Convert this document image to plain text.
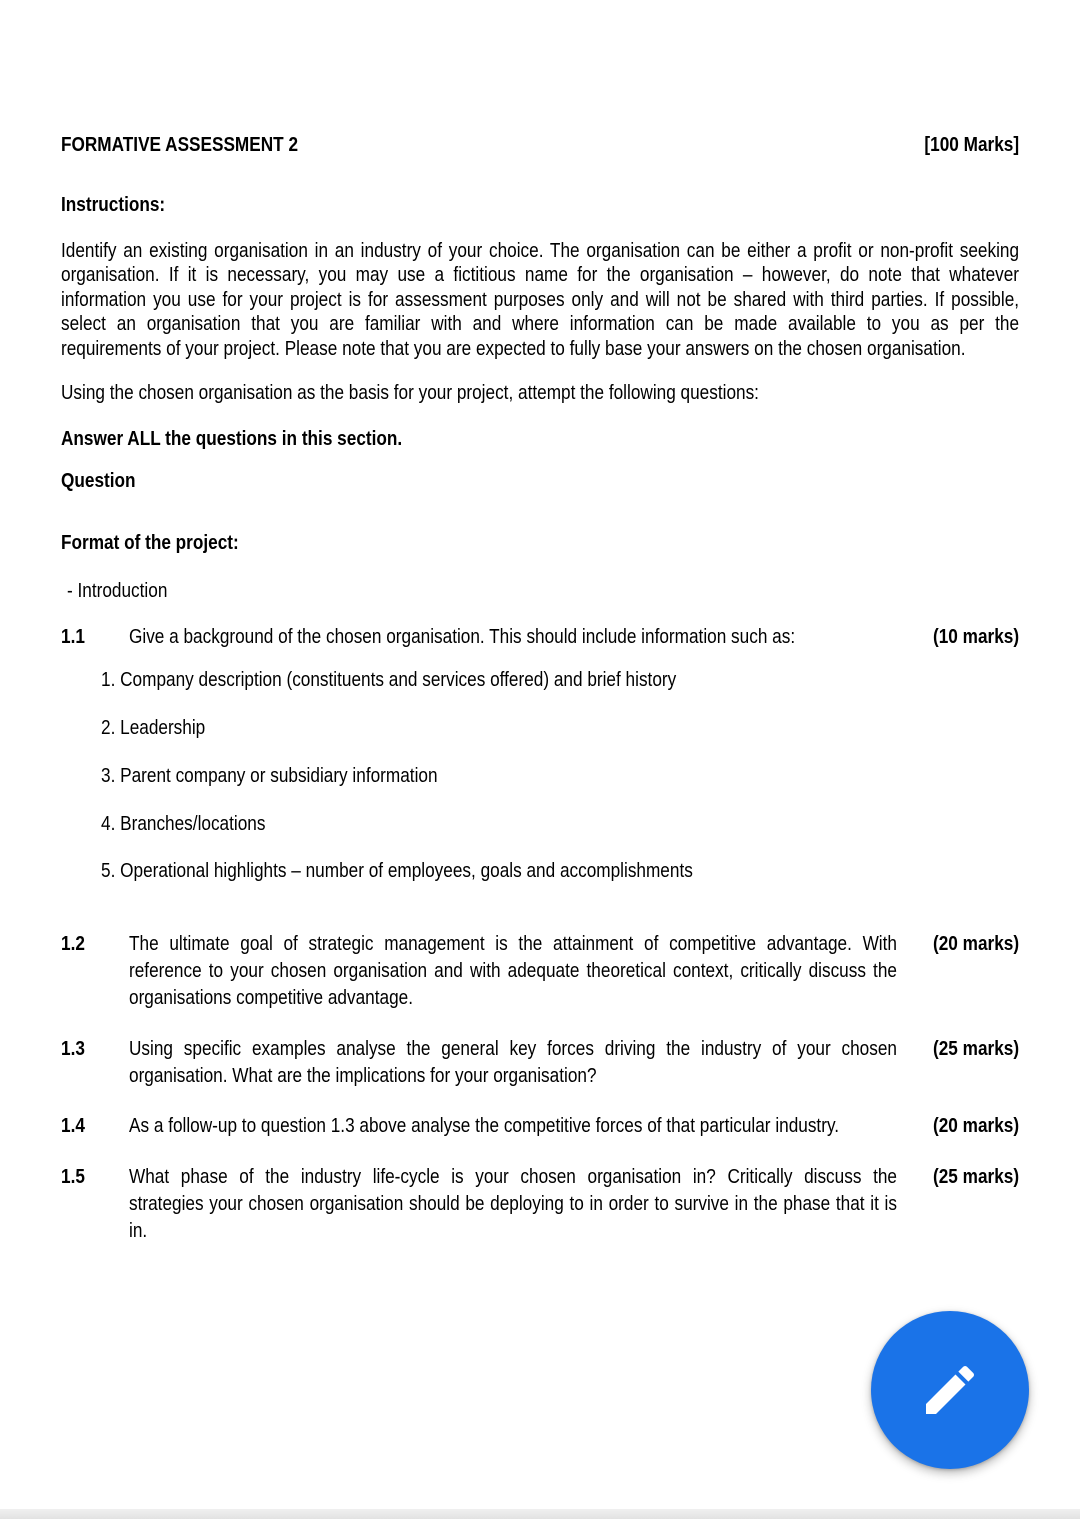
FORMATIVE ASSESSMENT 2	[100 Marks]
Instructions:
Identify an existing organisation in an industry of your choice. The organisation can be either a profit or non-profit seeking
organisation. If it is necessary, you may use a fictitious name for the organisation – however, do note that whatever
information you use for your project is for assessment purposes only and will not be shared with third parties. If possible,
select an organisation that you are familiar with and where information can be made available to you as per the
requirements of your project. Please note that you are expected to fully base your answers on the chosen organisation.
Using the chosen organisation as the basis for your project, attempt the following questions:
Answer ALL the questions in this section.
Question
Format of the project:
- Introduction
1.1 Give a background of the chosen organisation. This should include information such as:	(10 marks)
1. Company description (constituents and services offered) and brief history
2. Leadership
3. Parent company or subsidiary information
4. Branches/locations
5. Operational highlights – number of employees, goals and accomplishments
1.2 The ultimate goal of strategic management is the attainment of competitive advantage. With
reference to your chosen organisation and with adequate theoretical context, critically discuss the
organisations competitive advantage.
(20 marks)
1.3 Using specific examples analyse the general key forces driving the industry of your chosen
organisation. What are the implications for your organisation?
(25 marks)
1.4 As a follow-up to question 1.3 above analyse the competitive forces of that particular industry.	(20 marks)
1.5 What phase of the industry life-cycle is your chosen organisation in? Critically discuss the
strategies your chosen organisation should be deploying to in order to survive in the phase that it is
in.
(25 marks)
